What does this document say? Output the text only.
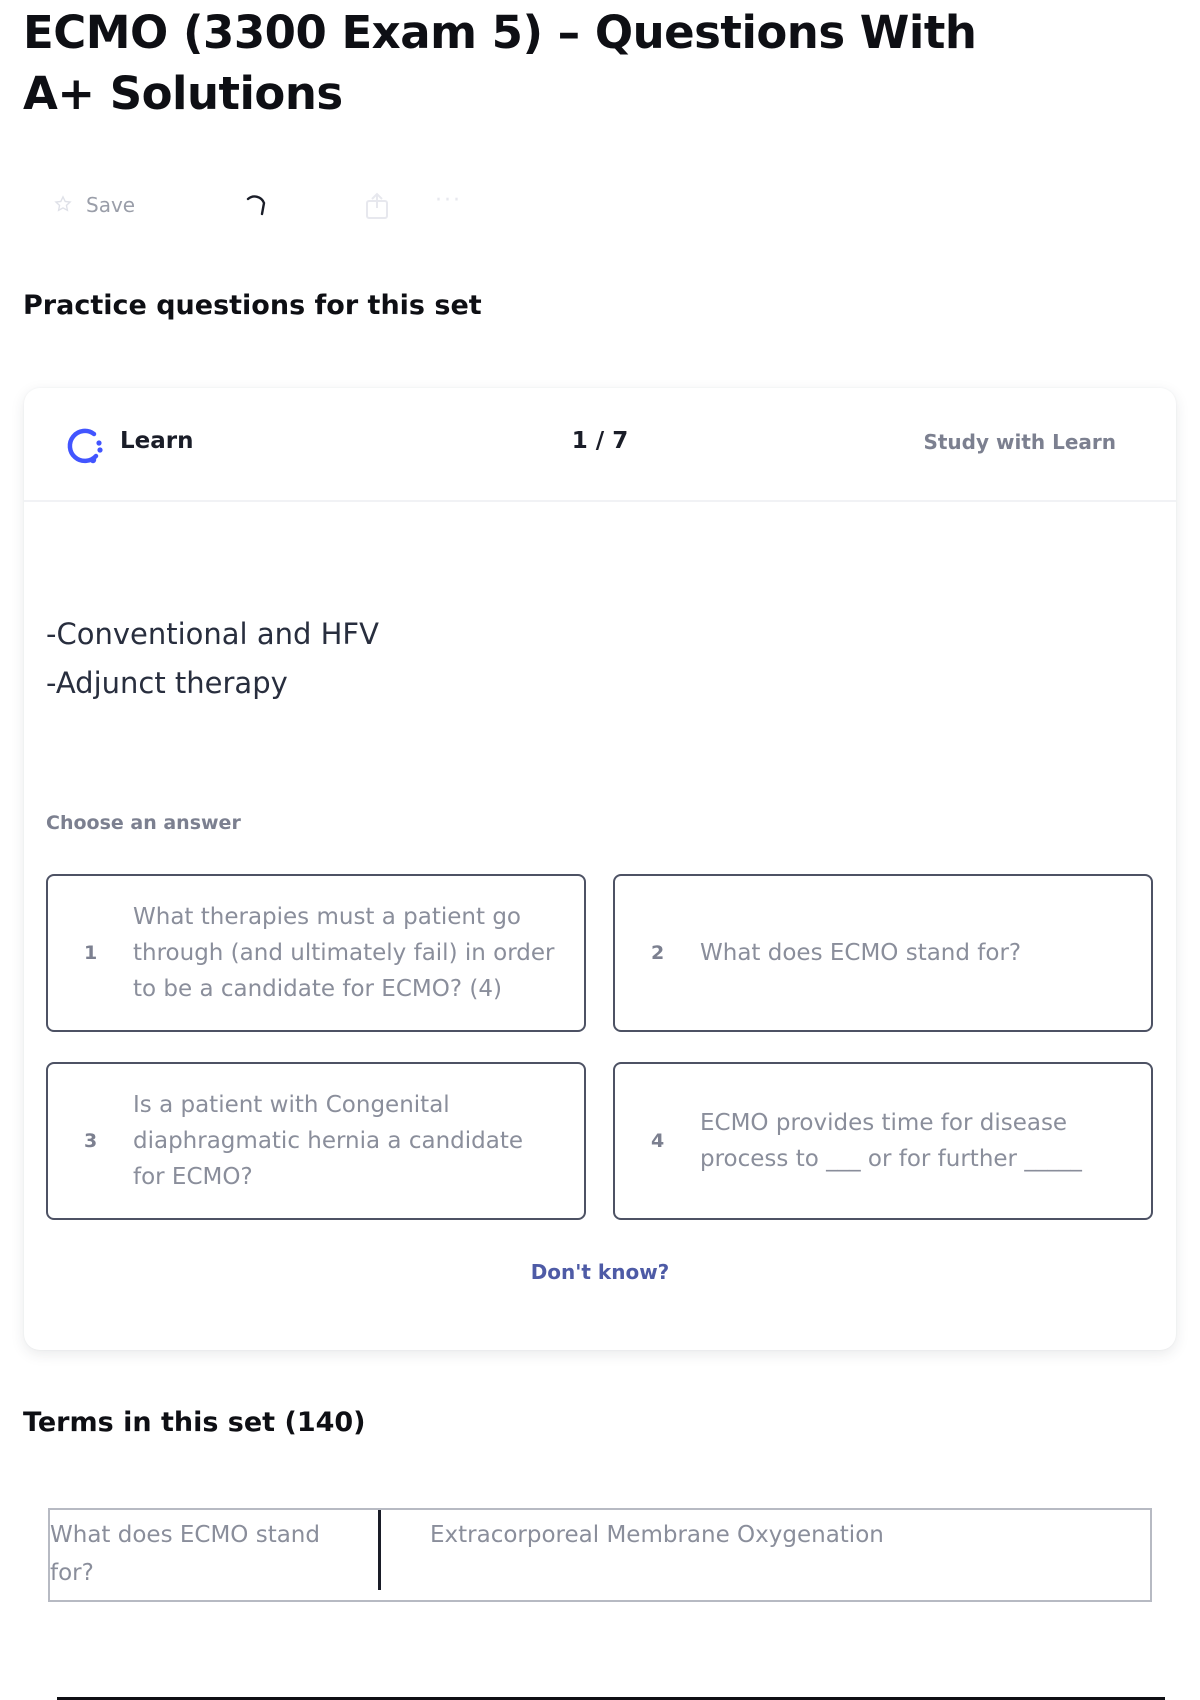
ECMO (3300 Exam 5) – Questions With A+ Solutions
Save	···
Practice questions for this set
Learn	1 / 7	Study with Learn
-Conventional and HFV
-Adjunct therapy
Choose an answer
1
What therapies must a patient go through (and ultimately fail) in order to be a candidate for ECMO? (4)
2 What does ECMO stand for?
3
Is a patient with Congenital diaphragmatic hernia a candidate for ECMO?
4
ECMO provides time for disease process to ___ or for further _____
Don't know?
Terms in this set (140)
What does ECMO stand for?
Extracorporeal Membrane Oxygenation
